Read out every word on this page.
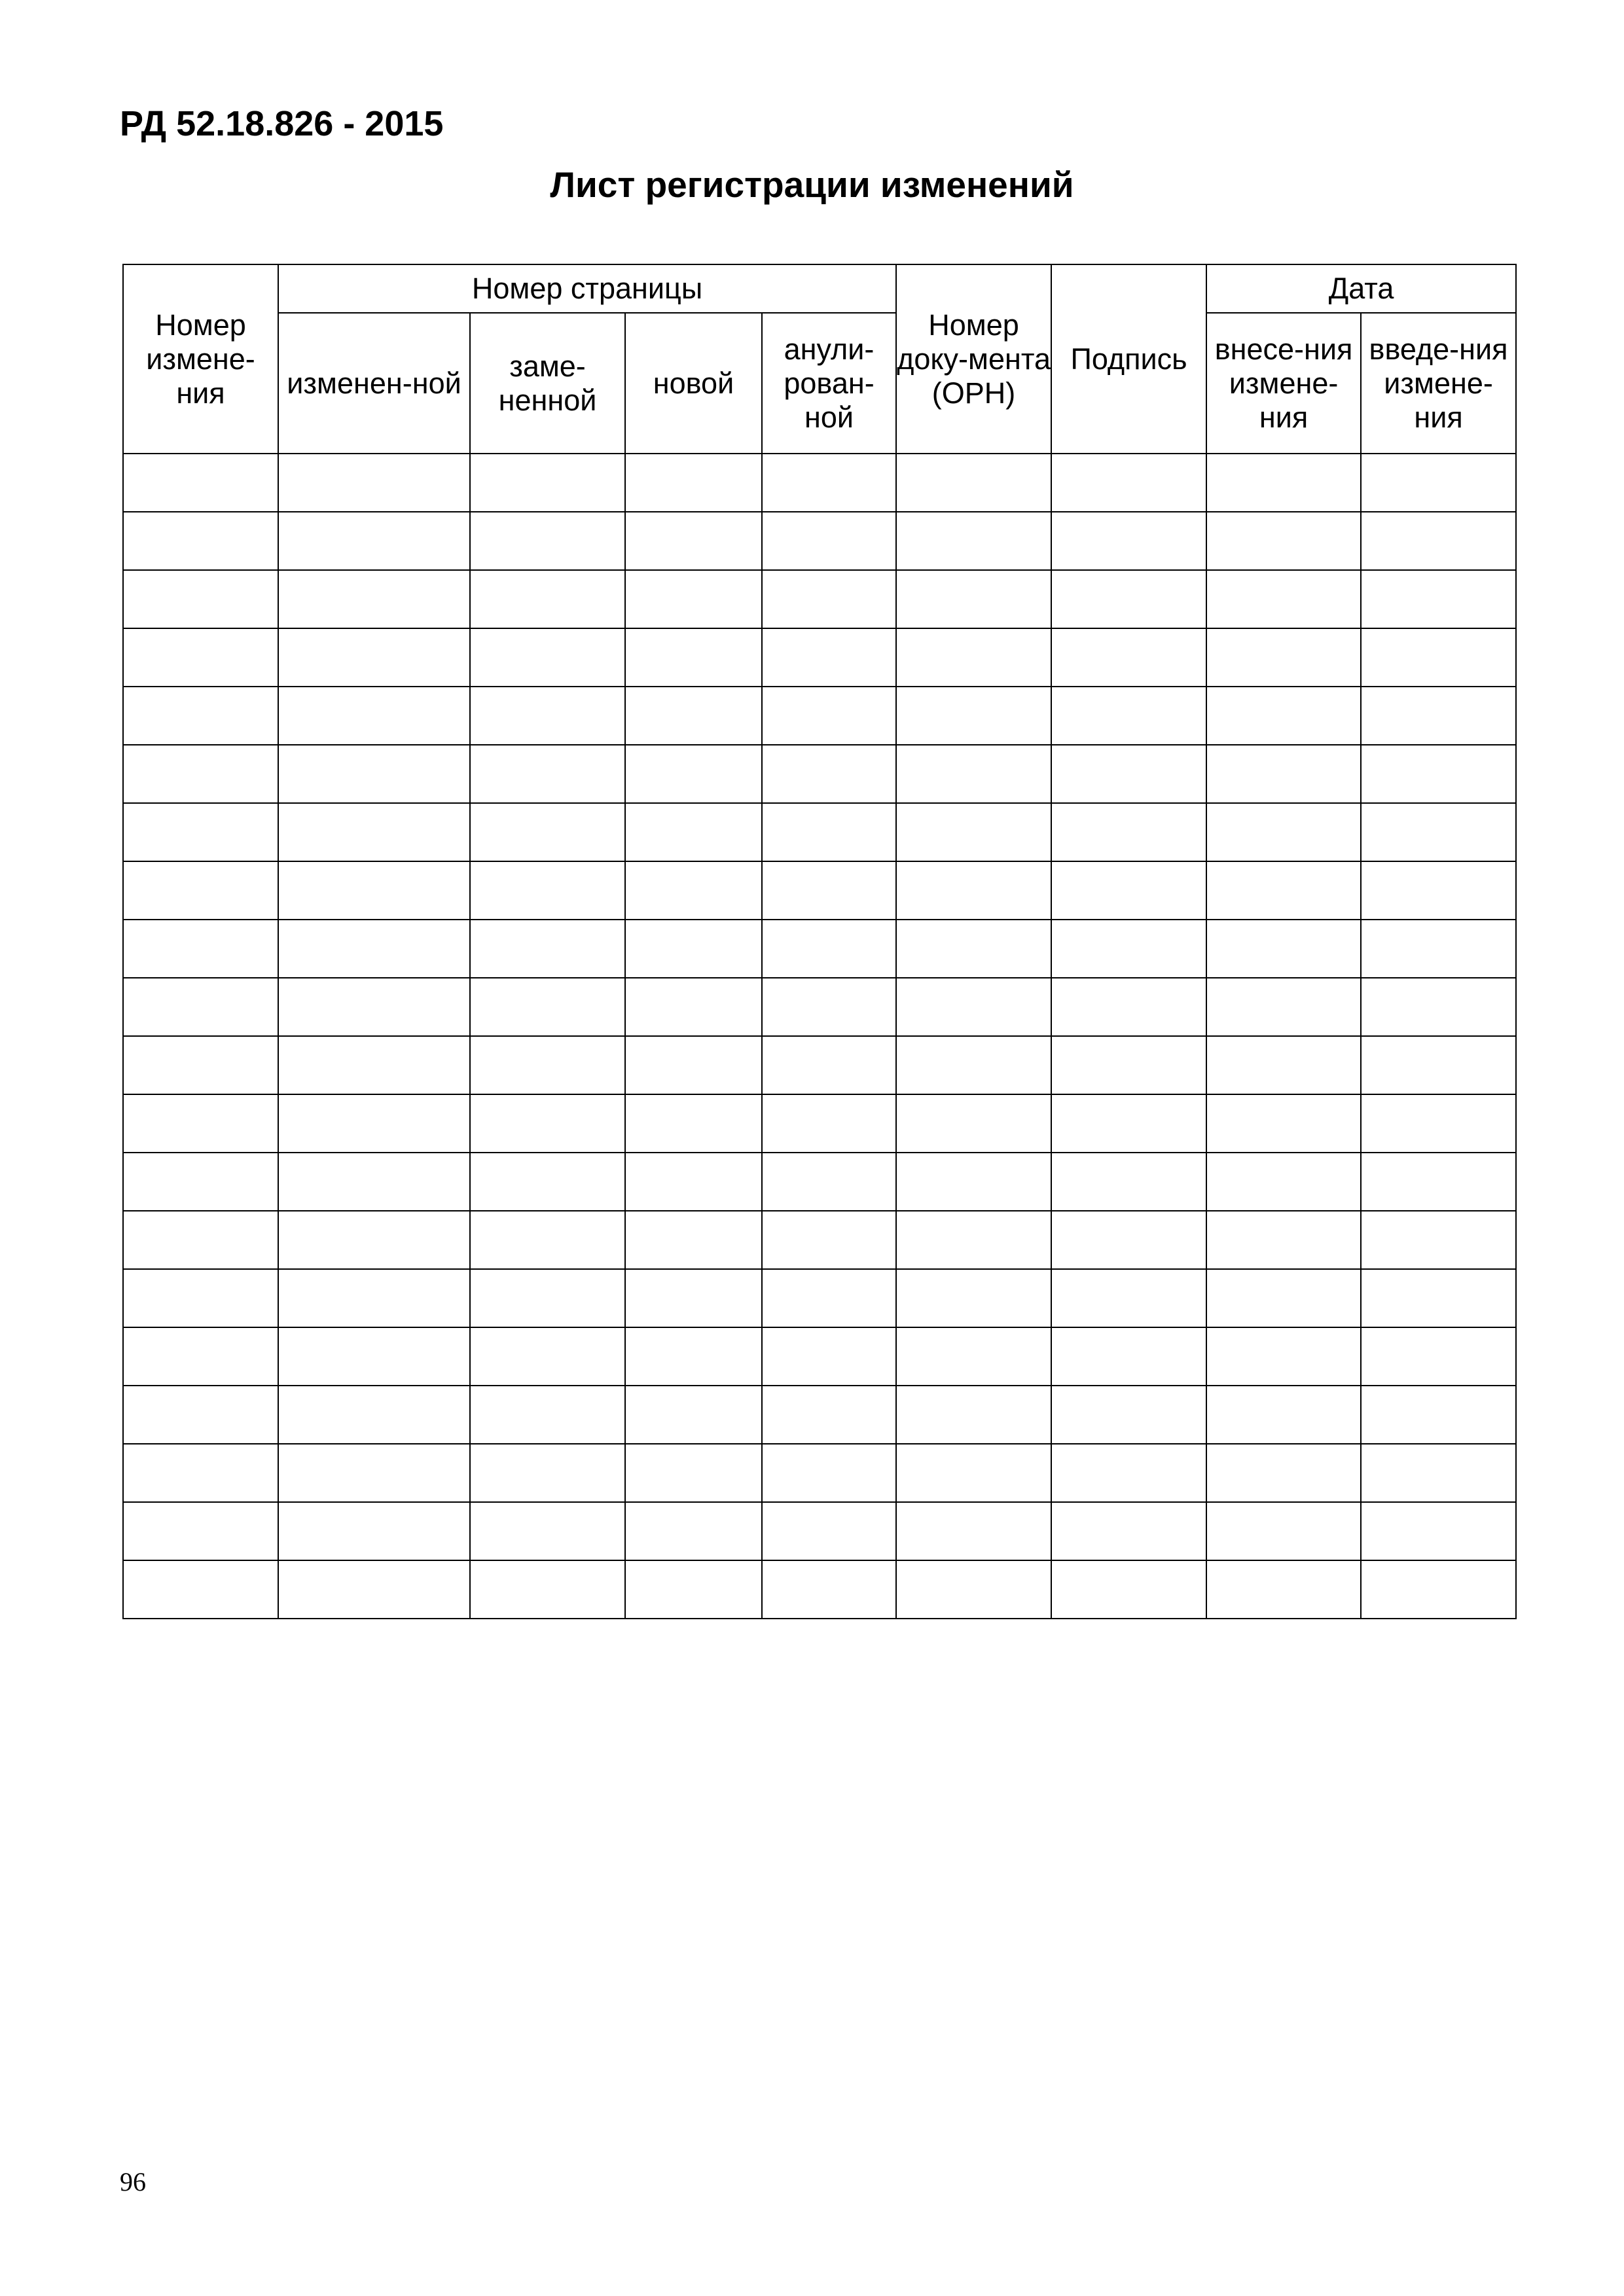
РД 52.18.826 - 2015
Лист регистрации изменений
Номер измене-ния	Номер страницы				Номер доку-мента (ОРН)	Подпись	Дата	
	изменен-ной	заме-ненной	новой	анули-рован-ной			внесе-ния измене-ния	введе-ния измене-ния

96
